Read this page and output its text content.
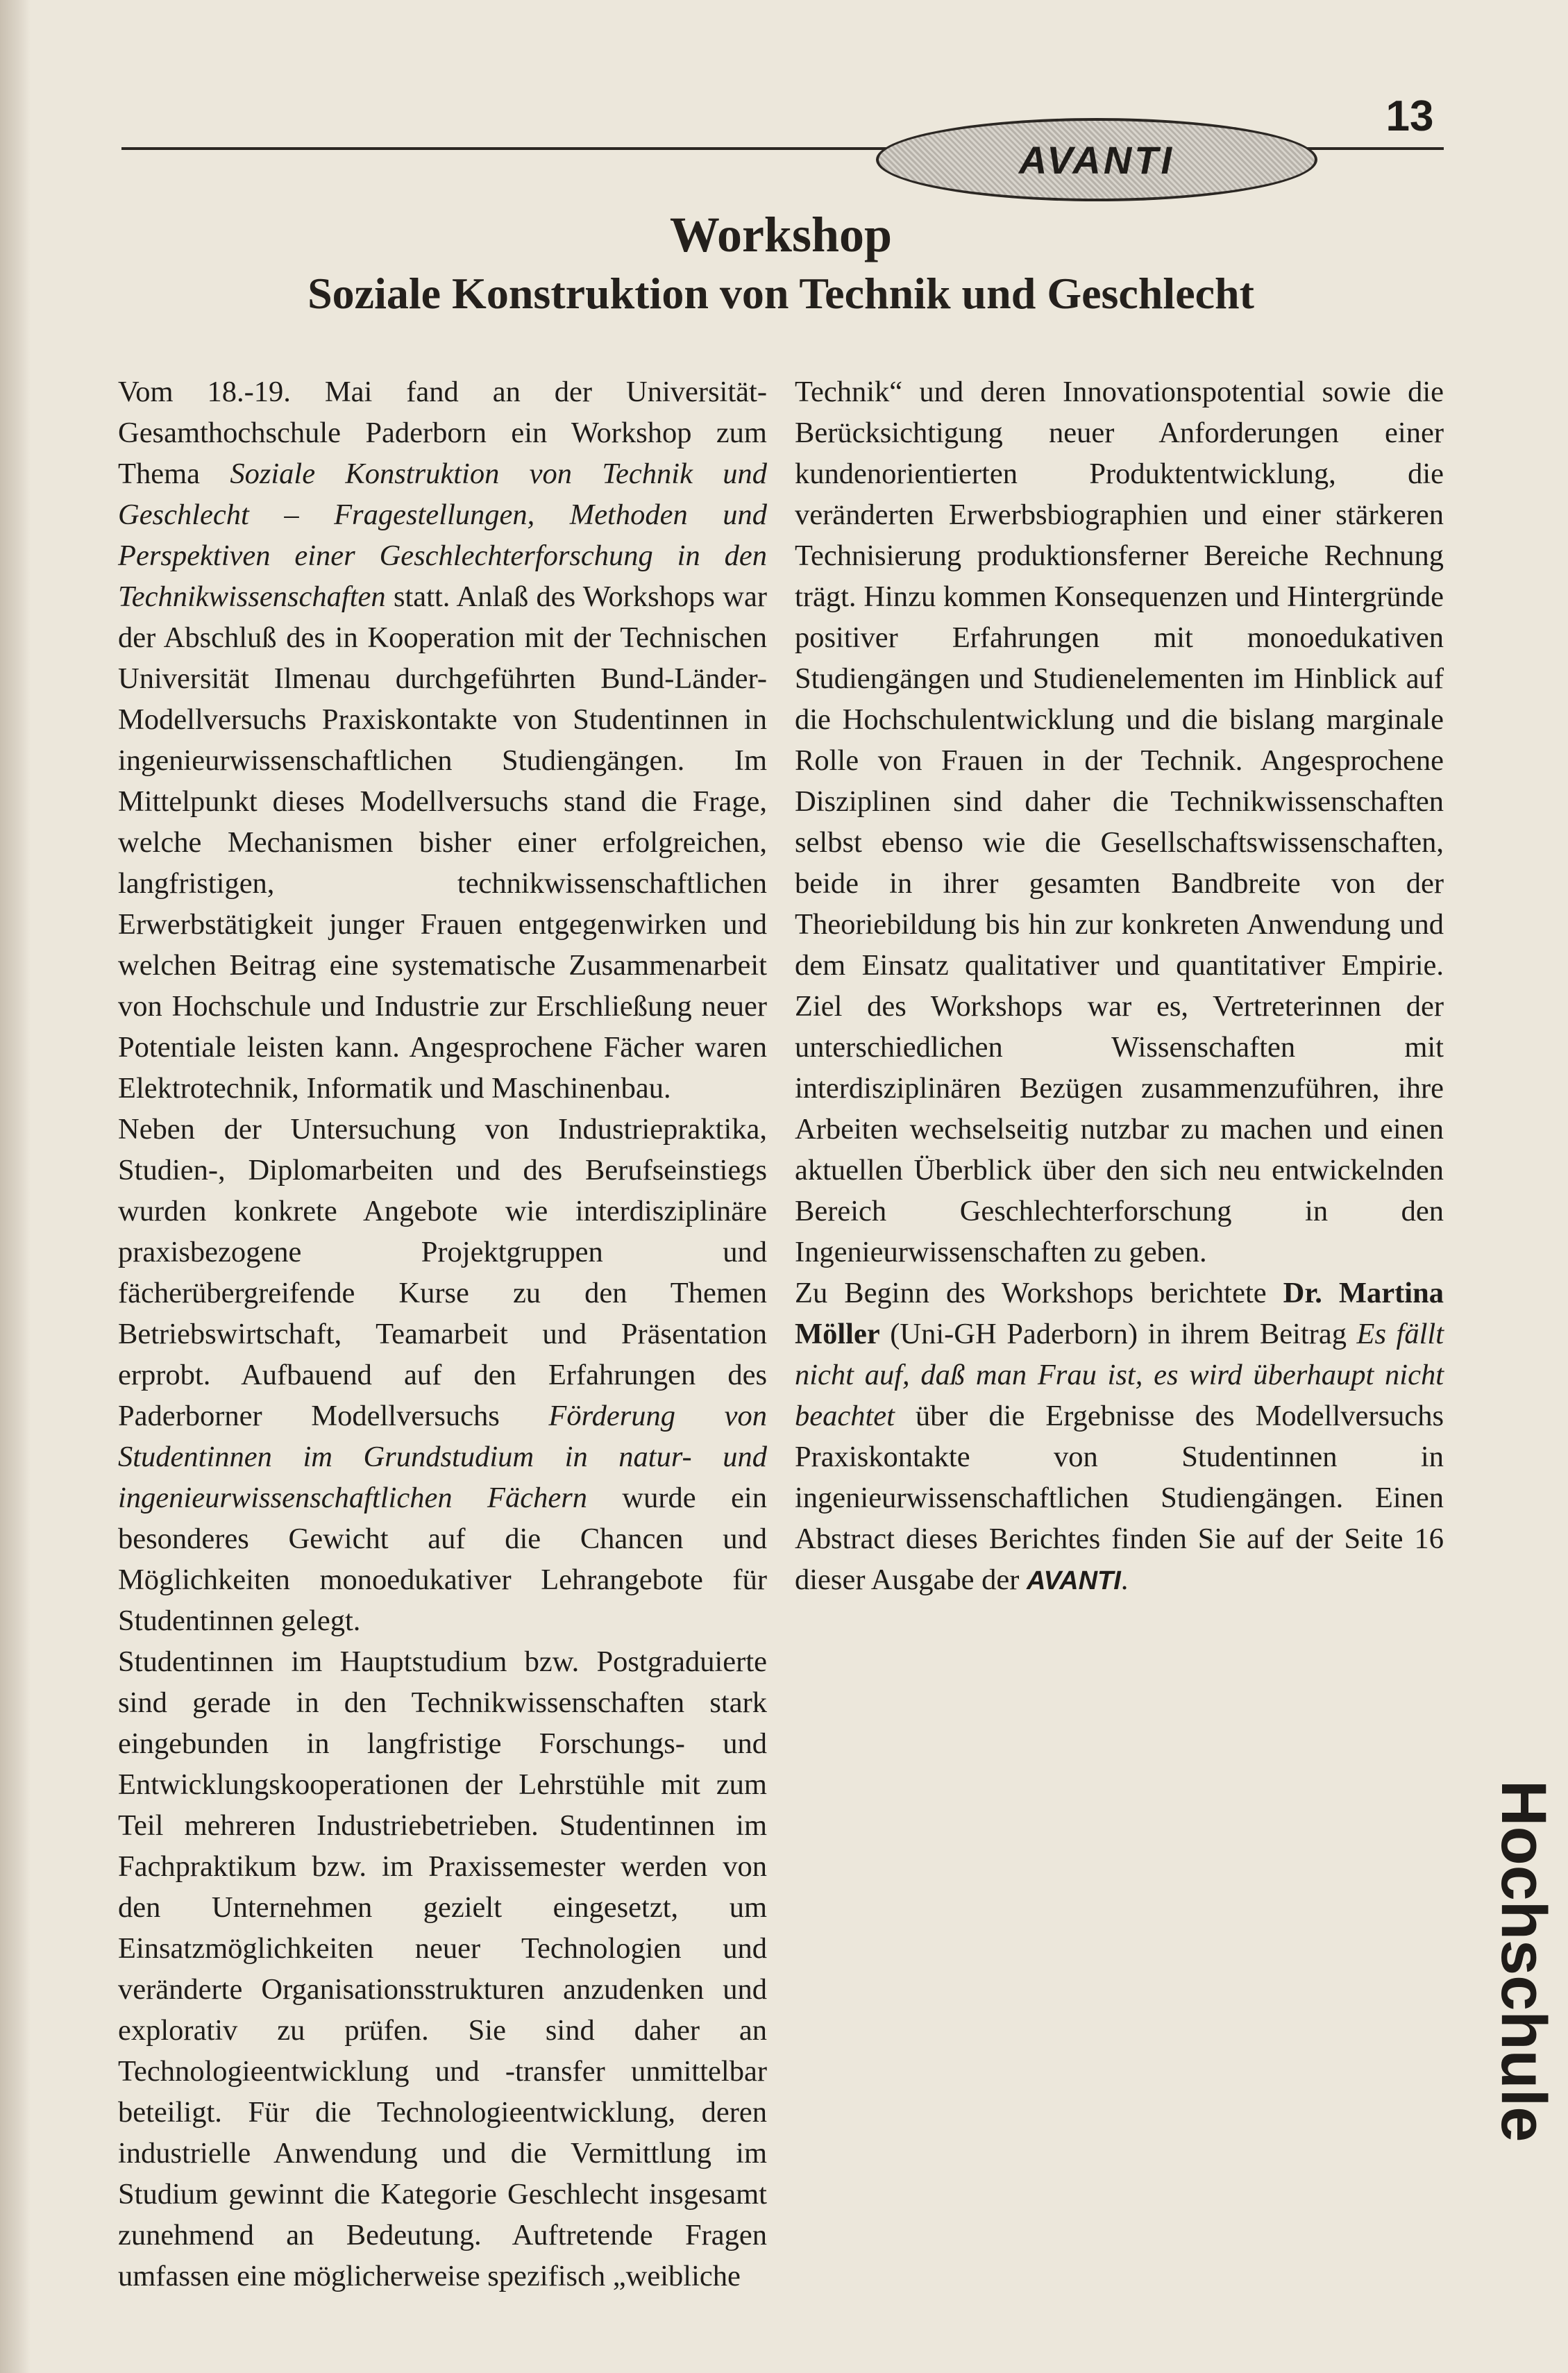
AVANTI
13
Workshop
Soziale Konstruktion von Technik und Geschlecht

Vom 18.-19. Mai fand an der Universität-Gesamthochschule Paderborn ein Workshop zum Thema Soziale Konstruktion von Technik und Geschlecht – Fragestellungen, Methoden und Perspektiven einer Geschlechterforschung in den Technikwissenschaften statt. Anlaß des Workshops war der Abschluß des in Kooperation mit der Technischen Universität Ilmenau durchgeführten Bund-Länder-Modellversuchs Praxiskontakte von Studentinnen in ingenieurwissenschaftlichen Studiengängen. Im Mittelpunkt dieses Modellversuchs stand die Frage, welche Mechanismen bisher einer erfolgreichen, langfristigen, technikwissenschaftlichen Erwerbstätigkeit junger Frauen entgegenwirken und welchen Beitrag eine systematische Zusammenarbeit von Hochschule und Industrie zur Erschließung neuer Potentiale leisten kann. Angesprochene Fächer waren Elektrotechnik, Informatik und Maschinenbau.

Neben der Untersuchung von Industriepraktika, Studien-, Diplomarbeiten und des Berufseinstiegs wurden konkrete Angebote wie interdisziplinäre praxisbezogene Projektgruppen und fächerübergreifende Kurse zu den Themen Betriebswirtschaft, Teamarbeit und Präsentation erprobt. Aufbauend auf den Erfahrungen des Paderborner Modellversuchs Förderung von Studentinnen im Grundstudium in natur- und ingenieurwissenschaftlichen Fächern wurde ein besonderes Gewicht auf die Chancen und Möglichkeiten monoedukativer Lehrangebote für Studentinnen gelegt.

Studentinnen im Hauptstudium bzw. Postgraduierte sind gerade in den Technikwissenschaften stark eingebunden in langfristige Forschungs- und Entwicklungskooperationen der Lehrstühle mit zum Teil mehreren Industriebetrieben. Studentinnen im Fachpraktikum bzw. im Praxissemester werden von den Unternehmen gezielt eingesetzt, um Einsatzmöglichkeiten neuer Technologien und veränderte Organisationsstrukturen anzudenken und explorativ zu prüfen. Sie sind daher an Technologieentwicklung und -transfer unmittelbar beteiligt. Für die Technologieentwicklung, deren industrielle Anwendung und die Vermittlung im Studium gewinnt die Kategorie Geschlecht insgesamt zunehmend an Bedeutung. Auftretende Fragen umfassen eine möglicherweise spezifisch „weibliche

Technik“ und deren Innovationspotential sowie die Berücksichtigung neuer Anforderungen einer kundenorientierten Produktentwicklung, die veränderten Erwerbsbiographien und einer stärkeren Technisierung produktionsferner Bereiche Rechnung trägt. Hinzu kommen Konsequenzen und Hintergründe positiver Erfahrungen mit monoedukativen Studiengängen und Studienelementen im Hinblick auf die Hochschulentwicklung und die bislang marginale Rolle von Frauen in der Technik. Angesprochene Disziplinen sind daher die Technikwissenschaften selbst ebenso wie die Gesellschaftswissenschaften, beide in ihrer gesamten Bandbreite von der Theoriebildung bis hin zur konkreten Anwendung und dem Einsatz qualitativer und quantitativer Empirie. Ziel des Workshops war es, Vertreterinnen der unterschiedlichen Wissenschaften mit interdisziplinären Bezügen zusammenzuführen, ihre Arbeiten wechselseitig nutzbar zu machen und einen aktuellen Überblick über den sich neu entwickelnden Bereich Geschlechterforschung in den Ingenieurwissenschaften zu geben.

Zu Beginn des Workshops berichtete Dr. Martina Möller (Uni-GH Paderborn) in ihrem Beitrag Es fällt nicht auf, daß man Frau ist, es wird überhaupt nicht beachtet über die Ergebnisse des Modellversuchs Praxiskontakte von Studentinnen in ingenieurwissenschaftlichen Studiengängen. Einen Abstract dieses Berichtes finden Sie auf der Seite 16 dieser Ausgabe der AVANTI.

Hochschule
